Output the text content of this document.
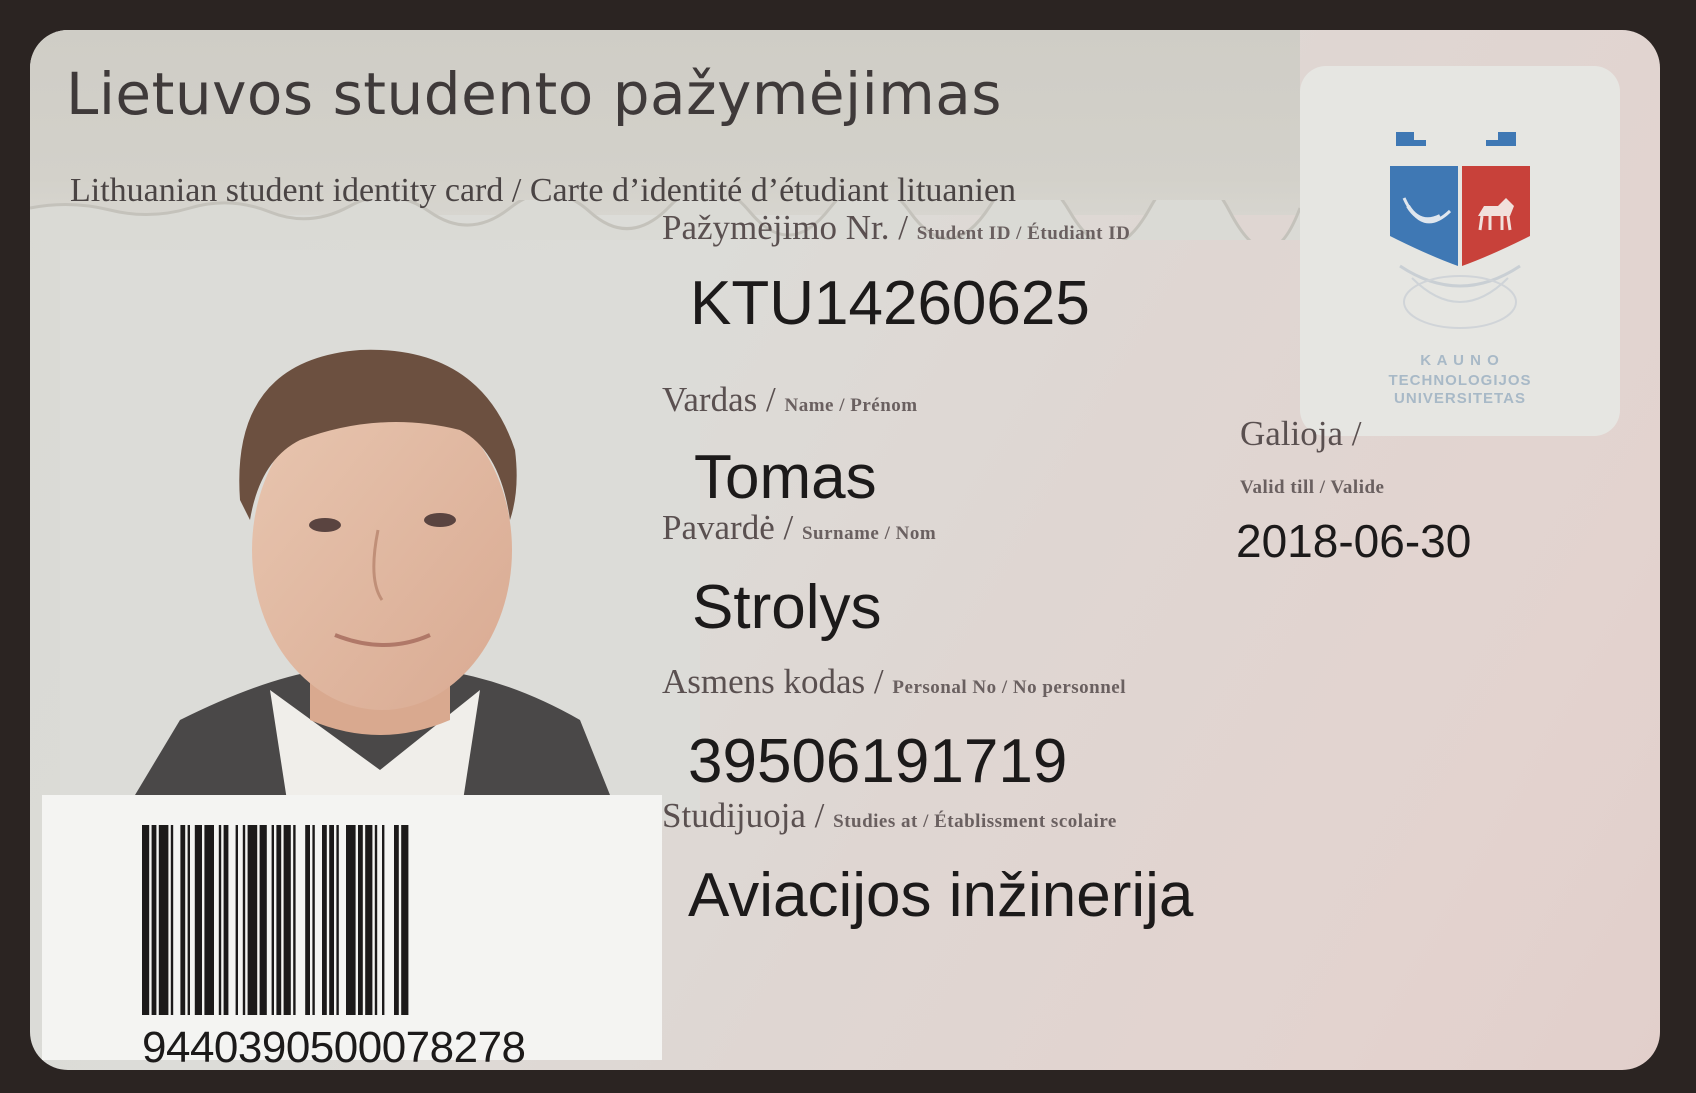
Lietuvos studento pažymėjimas
Lithuanian student identity card / Carte d’identité d’étudiant lituanien
K A U N O
TECHNOLOGIJOS
UNIVERSITETAS
9440390500078278
Pažymėjimo Nr. / Student ID / Étudiant ID
KTU14260625
Vardas / Name / Prénom
Tomas
Pavardė / Surname / Nom
Strolys
Asmens kodas / Personal No / No personnel
39506191719
Studijuoja / Studies at / Établissment scolaire
Aviacijos inžinerija
Galioja /
Valid till / Valide
2018-06-30
